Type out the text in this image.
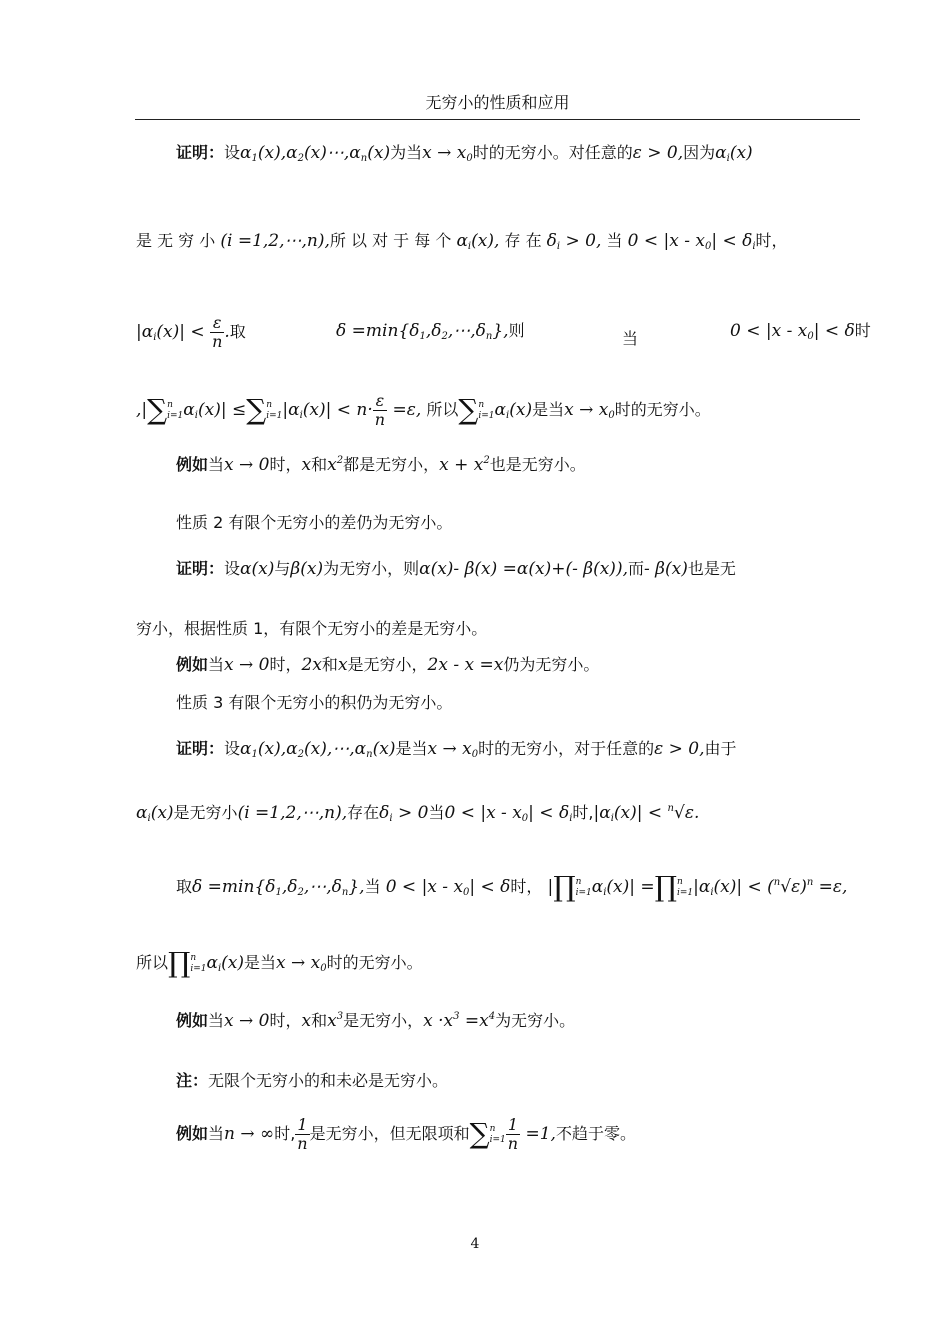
无穷小的性质和应用
证明：设$\alpha_1(x),\alpha_2(x)\cdots,\alpha_n(x)$为当$x \to x_0$时的无穷小。对任意的ε > 0,因为$\alpha_i(x)$
是 无 穷 小 (i =1,2,⋯,n),所 以 对 于 每 个 $\alpha_i(x)$, 存 在 $\delta_i > 0$, 当 $0 < |x - x_0| < \delta_i$时，
$|\alpha_i(x)| < \frac{\varepsilon}{n}$ .取	$\delta =\min\{\delta_1,\delta_2,\cdots,\delta_n\}$,则	当	$0 < |x - x_0| < \delta$时
,|∑ n
i=1 $\alpha_i(x)|$ ≤∑ n
i=1 $|\alpha_i(x)| < n\cdot \frac{\varepsilon}{n} =\varepsilon$, 所以∑ n
i=1 $\alpha_i(x)$是当$x \to x_0$时的无穷小。
例如当x → 0时，x和$x^2$都是无穷小，$x + x^2$也是无穷小。
性质 2 有限个无穷小的差仍为无穷小。
证明：设α(x)与β(x)为无穷小，则α(x)- β(x) =α(x)+(- β(x)),而- β(x)也是无
穷小，根据性质 1，有限个无穷小的差是无穷小。
例如当x → 0时，2x和x是无穷小，2x - x =x仍为无穷小。
性质 3 有限个无穷小的积仍为无穷小。
证明：设$\alpha_1(x),\alpha_2(x),\cdots,\alpha_n(x)$是当$x \to x_0$时的无穷小，对于任意的ε > 0,由于
$\alpha_i(x)$是无穷小(i =1,2,⋯,n),存在$\delta_i > 0$当$0 < |x - x_0| < \delta_i$时$,|\alpha_i(x)| < ^n√\varepsilon$.
取$\delta =\min\{\delta_1,\delta_2,\cdots,\delta_n\}$,当 $0 < |x - x_0| < \delta$时， |∏ n
i=1 $\alpha_i(x)|$ =∏ n
i=1 $|\alpha_i(x)| < (^n√\varepsilon)^n =\varepsilon$,
所以∏ n
i=1 $\alpha_i(x)$是当$x \to x_0$时的无穷小。
例如当x → 0时，x和$x^3$是无穷小，$x \cdot x^3 =x^4$为无穷小。
注：无限个无穷小的和未必是无穷小。
例如当n → ∞时, $\frac{1}{n}$ 是无穷小，但无限项和∑ n
$i=1 \frac{1}{n} =1$,不趋于零。
4
